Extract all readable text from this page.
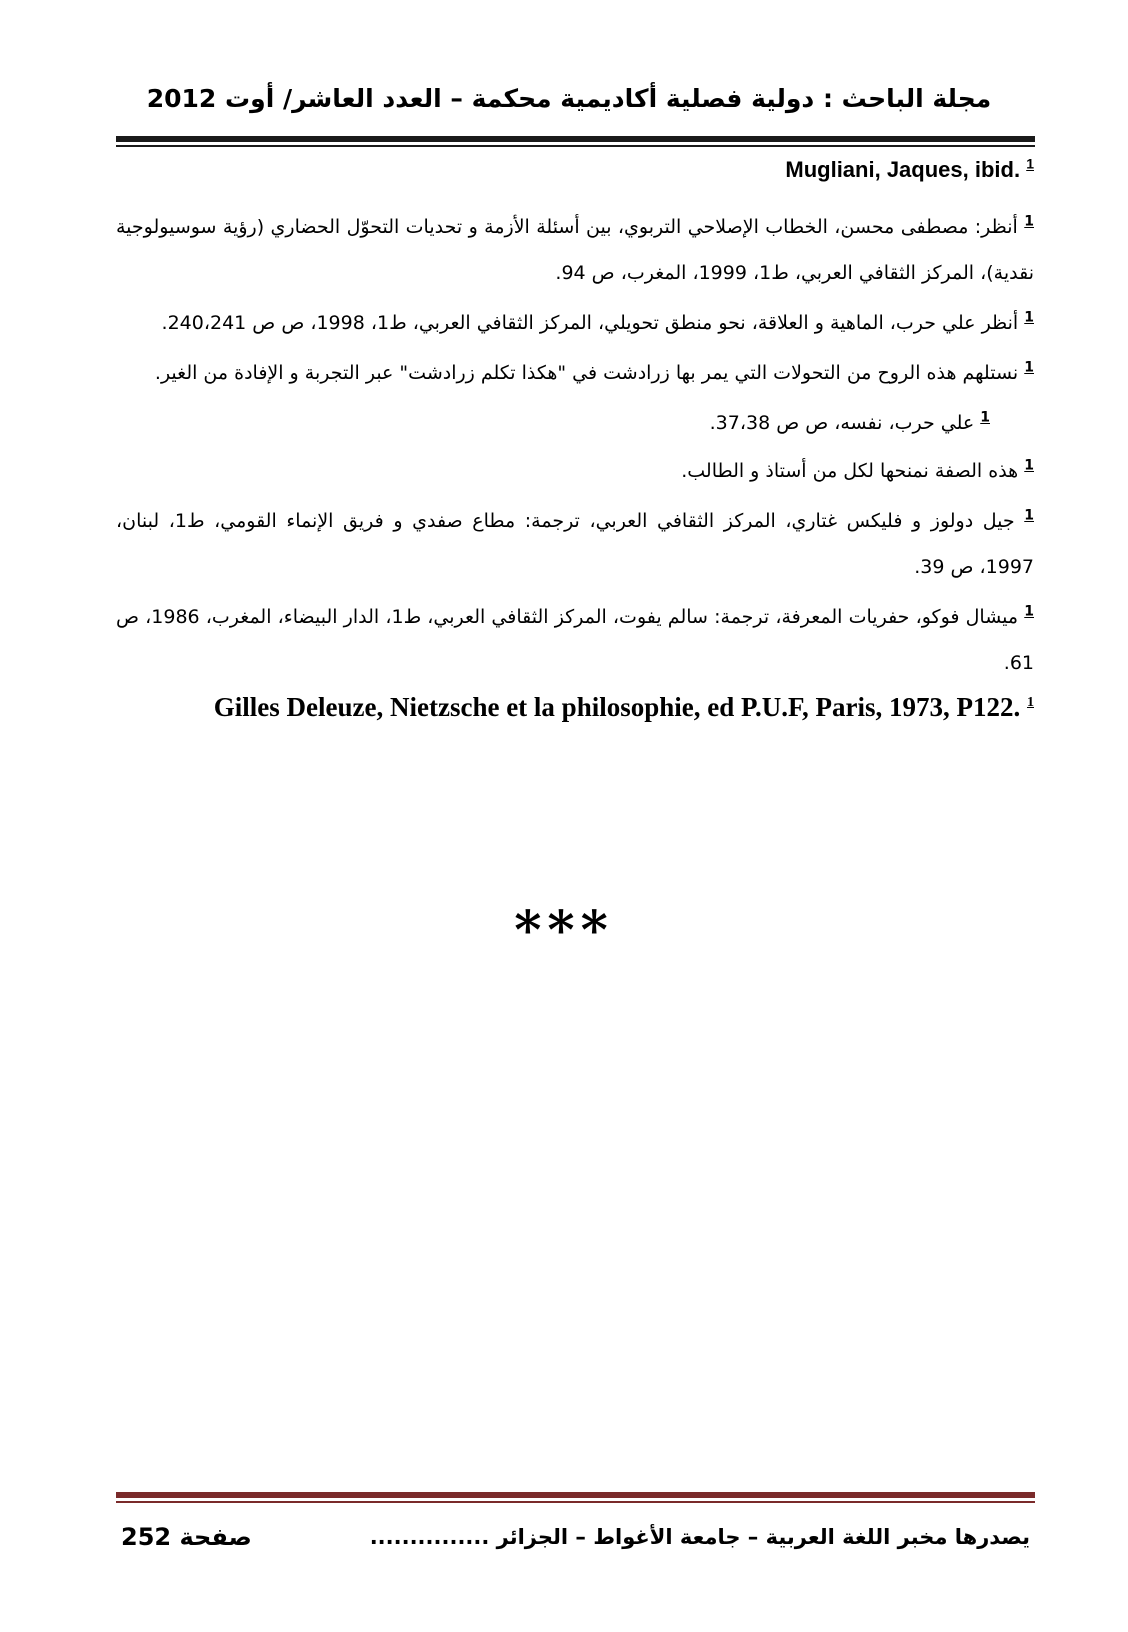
مجلة الباحث : دولية فصلية أكاديمية محكمة – العدد العاشر/ أوت 2012

Mugliani, Jaques, ibid. $^1$

$^1$ أنظر: مصطفى محسن، الخطاب الإصلاحي التربوي، بين أسئلة الأزمة و تحديات التحوّل الحضاري (رؤية سوسيولوجية نقدية)، المركز الثقافي العربي، ط1، 1999، المغرب، ص 94.

$^1$ أنظر علي حرب، الماهية و العلاقة، نحو منطق تحويلي، المركز الثقافي العربي، ط1، 1998، ص ص 240،241.

$^1$ نستلهم هذه الروح من التحولات التي يمر بها زرادشت في "هكذا تكلم زرادشت" عبر التجربة و الإفادة من الغير.

$^1$ علي حرب، نفسه، ص ص 37،38.

$^1$ هذه الصفة نمنحها لكل من أستاذ و الطالب.

$^1$ جيل دولوز و فليكس غتاري، المركز الثقافي العربي، ترجمة: مطاع صفدي و فريق الإنماء القومي، ط1، لبنان، 1997، ص 39.

$^1$ ميشال فوكو، حفريات المعرفة، ترجمة: سالم يفوت، المركز الثقافي العربي، ط1، الدار البيضاء، المغرب، 1986، ص 61.

Gilles Deleuze, Nietzsche et la philosophie, ed P.U.F, Paris, 1973, P122. $^1$

***
صفحة 252	يصدرها مخبر اللغة العربية – جامعة الأغواط – الجزائر ...............
